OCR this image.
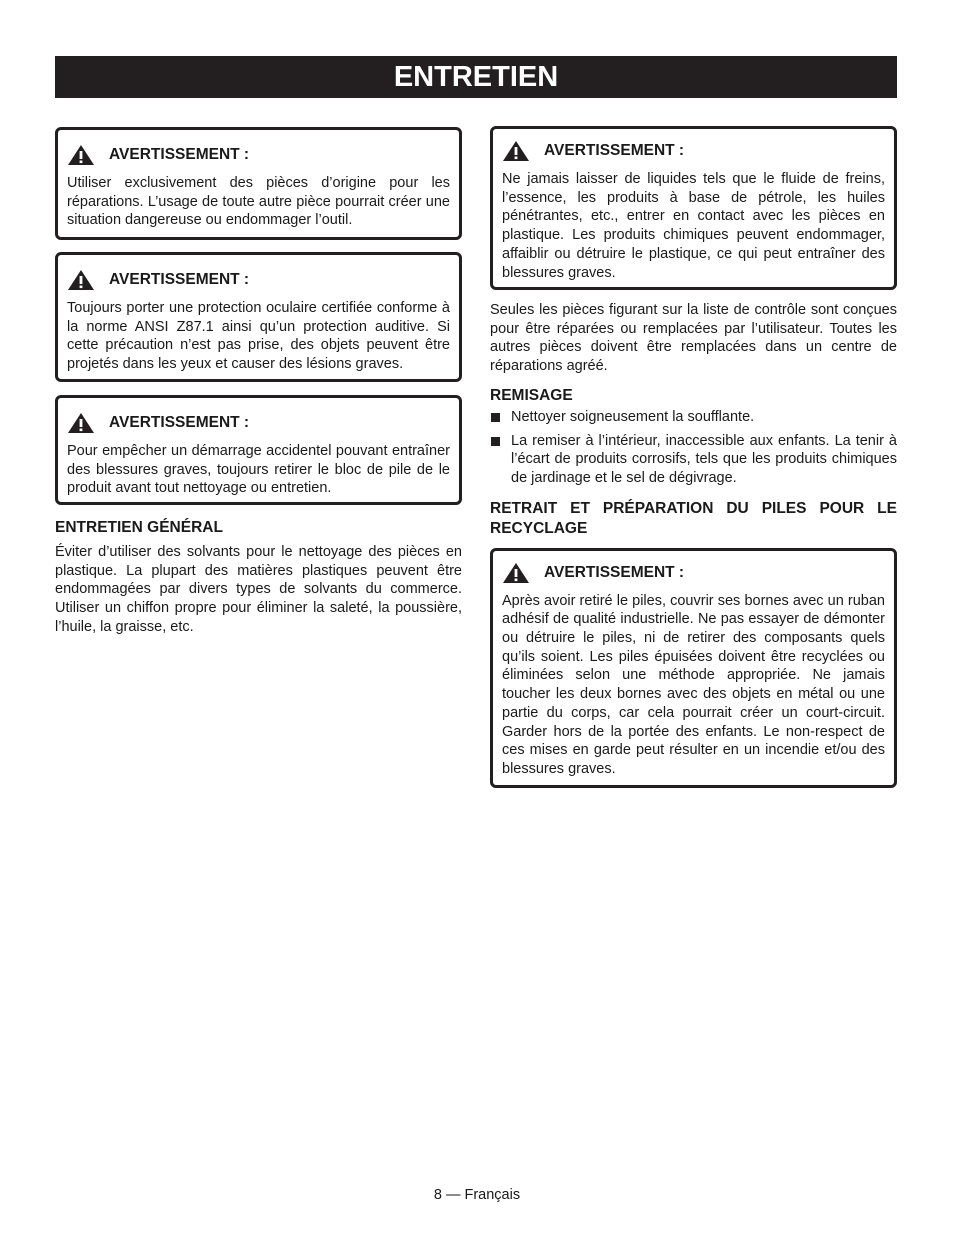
ENTRETIEN
AVERTISSEMENT :
Utiliser exclusivement des pièces d’origine pour les réparations. L’usage de toute autre pièce pourrait créer une situation dangereuse ou endommager l’outil.
AVERTISSEMENT :
Toujours porter une protection oculaire certifiée conforme à la norme ANSI Z87.1 ainsi qu’un protection auditive. Si cette précaution n’est pas prise, des objets peuvent être projetés dans les yeux et causer des lésions graves.
AVERTISSEMENT :
Pour empêcher un démarrage accidentel pouvant entraîner des blessures graves, toujours retirer le bloc de pile de le produit avant tout nettoyage ou entretien.
ENTRETIEN GÉNÉRAL
Éviter d’utiliser des solvants pour le nettoyage des pièces en plastique. La plupart des matières plastiques peuvent être endommagées par divers types de solvants du commerce. Utiliser un chiffon propre pour éliminer la saleté, la poussière, l’huile, la graisse, etc.
AVERTISSEMENT :
Ne jamais laisser de liquides tels que le fluide de freins, l’essence, les produits à base de pétrole, les huiles pénétrantes, etc., entrer en contact avec les pièces en plastique. Les produits chimiques peuvent endommager, affaiblir ou détruire le plastique, ce qui peut entraîner des blessures graves.
Seules les pièces figurant sur la liste de contrôle sont conçues pour être réparées ou remplacées par l’utilisateur. Toutes les autres pièces doivent être remplacées dans un centre de réparations agréé.
REMISAGE
Nettoyer soigneusement la soufflante.
La remiser à l’intérieur, inaccessible aux enfants. La tenir à l’écart de produits corrosifs, tels que les produits chimiques de jardinage et le sel de dégivrage.
RETRAIT ET PRÉPARATION DU PILES POUR LE RECYCLAGE
AVERTISSEMENT :
Après avoir retiré le piles, couvrir ses bornes avec un ruban adhésif de qualité industrielle. Ne pas essayer de démonter ou détruire le piles, ni de retirer des composants quels qu’ils soient. Les piles épuisées doivent être recyclées ou éliminées selon une méthode appropriée. Ne jamais toucher les deux bornes avec des objets en métal ou une partie du corps, car cela pourrait créer un court-circuit. Garder hors de la portée des enfants. Le non-respect de ces mises en garde peut résulter en un incendie et/ou des blessures graves.
8 — Français
